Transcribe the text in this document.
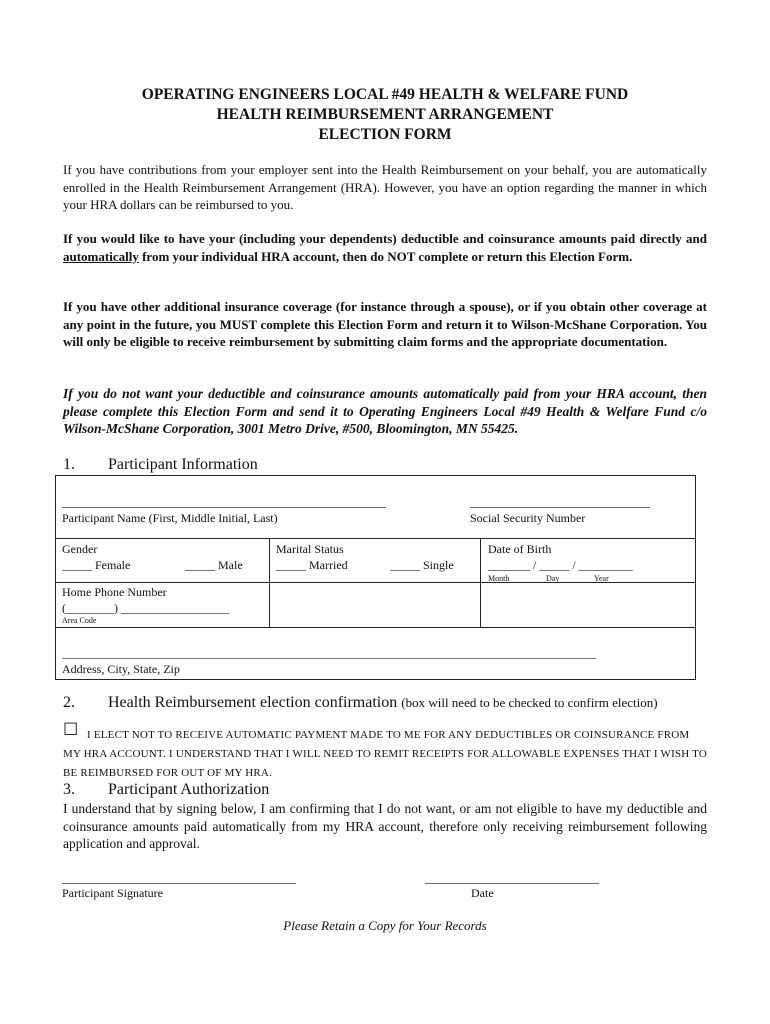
OPERATING ENGINEERS LOCAL #49 HEALTH & WELFARE FUND
HEALTH REIMBURSEMENT ARRANGEMENT
ELECTION FORM
If you have contributions from your employer sent into the Health Reimbursement on your behalf, you are automatically enrolled in the Health Reimbursement Arrangement (HRA). However, you have an option regarding the manner in which your HRA dollars can be reimbursed to you.
If you would like to have your (including your dependents) deductible and coinsurance amounts paid directly and automatically from your individual HRA account, then do NOT complete or return this Election Form.
If you have other additional insurance coverage (for instance through a spouse), or if you obtain other coverage at any point in the future, you MUST complete this Election Form and return it to Wilson-McShane Corporation. You will only be eligible to receive reimbursement by submitting claim forms and the appropriate documentation.
If you do not want your deductible and coinsurance amounts automatically paid from your HRA account, then please complete this Election Form and send it to Operating Engineers Local #49 Health & Welfare Fund c/o Wilson-McShane Corporation, 3001 Metro Drive, #500, Bloomington, MN 55425.
1. Participant Information
______________________________________________________
Participant Name (First, Middle Initial, Last)
______________________________
Social Security Number
Gender
_____ Female	_____ Male
Marital Status
_____ Married	_____ Single
Date of Birth
_______ / _____ / _________
Month	Day	Year
Home Phone Number
(________) __________________
Area Code
_________________________________________________________________________________________
Address, City, State, Zip
2. Health Reimbursement election confirmation (box will need to be checked to confirm election)
☐ I ELECT NOT TO RECEIVE AUTOMATIC PAYMENT MADE TO ME FOR ANY DEDUCTIBLES OR COINSURANCE FROM MY HRA ACCOUNT. I UNDERSTAND THAT I WILL NEED TO REMIT RECEIPTS FOR ALLOWABLE EXPENSES THAT I WISH TO BE REIMBURSED FOR OUT OF MY HRA.
3. Participant Authorization
I understand that by signing below, I am confirming that I do not want, or am not eligible to have my deductible and coinsurance amounts paid automatically from my HRA account, therefore only receiving reimbursement following application and approval.
_______________________________________
Participant Signature
_____________________________
Date
Please Retain a Copy for Your Records
